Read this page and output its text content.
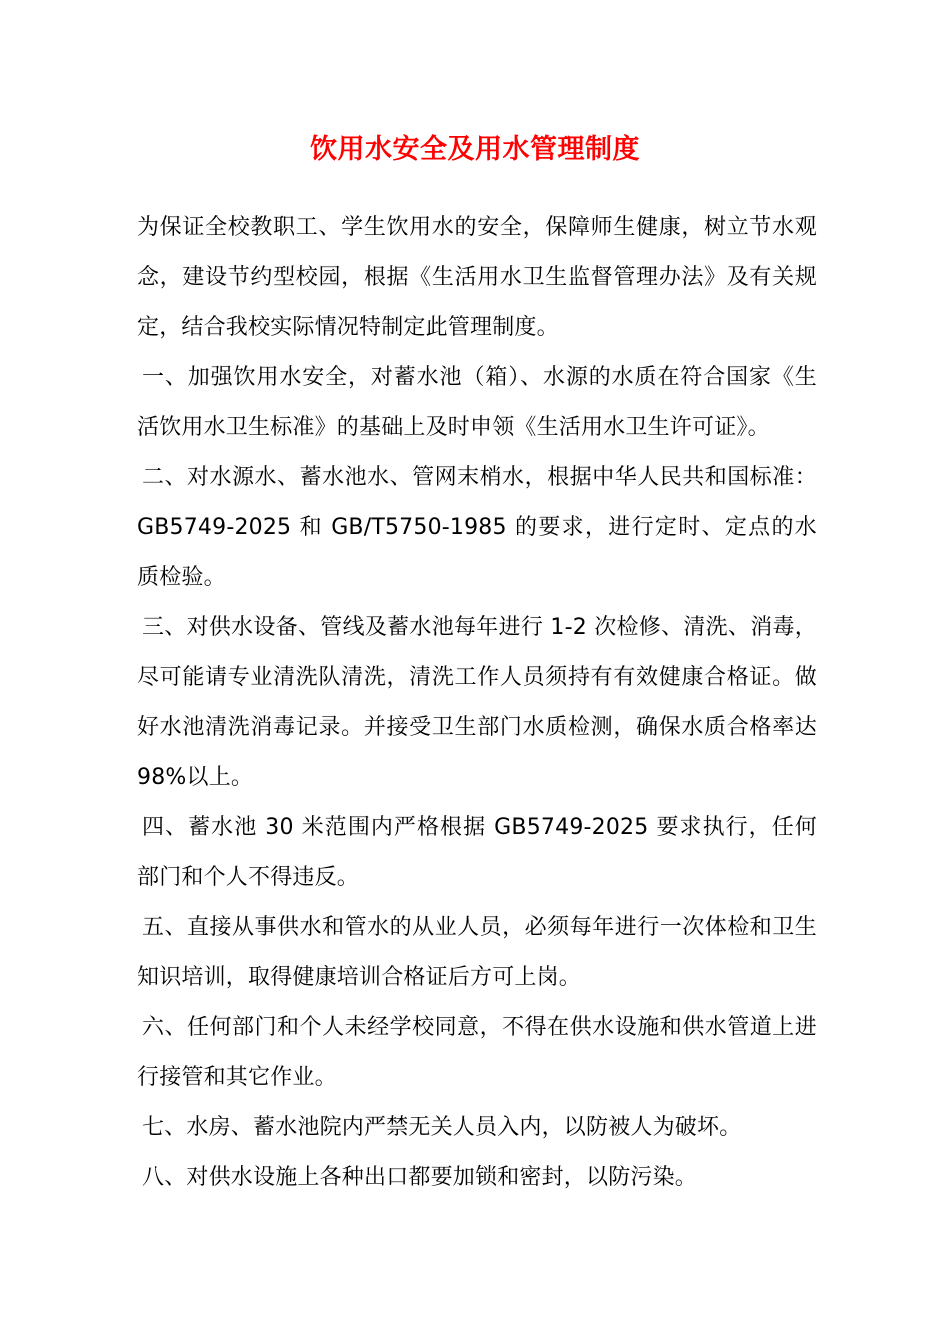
饮用水安全及用水管理制度

为保证全校教职工、学生饮用水的安全，保障师生健康，树立节水观念，建设节约型校园，根据《生活用水卫生监督管理办法》及有关规定，结合我校实际情况特制定此管理制度。

一、加强饮用水安全，对蓄水池（箱）、水源的水质在符合国家《生活饮用水卫生标准》的基础上及时申领《生活用水卫生许可证》。

二、对水源水、蓄水池水、管网末梢水，根据中华人民共和国标准：GB5749-2025 和 GB/T5750-1985 的要求，进行定时、定点的水质检验。

三、对供水设备、管线及蓄水池每年进行 1-2 次检修、清洗、消毒，尽可能请专业清洗队清洗，清洗工作人员须持有有效健康合格证。做好水池清洗消毒记录。并接受卫生部门水质检测，确保水质合格率达 98%以上。

四、蓄水池 30 米范围内严格根据 GB5749-2025 要求执行，任何部门和个人不得违反。

五、直接从事供水和管水的从业人员，必须每年进行一次体检和卫生知识培训，取得健康培训合格证后方可上岗。

六、任何部门和个人未经学校同意，不得在供水设施和供水管道上进行接管和其它作业。

七、水房、蓄水池院内严禁无关人员入内，以防被人为破坏。

八、对供水设施上各种出口都要加锁和密封，以防污染。
